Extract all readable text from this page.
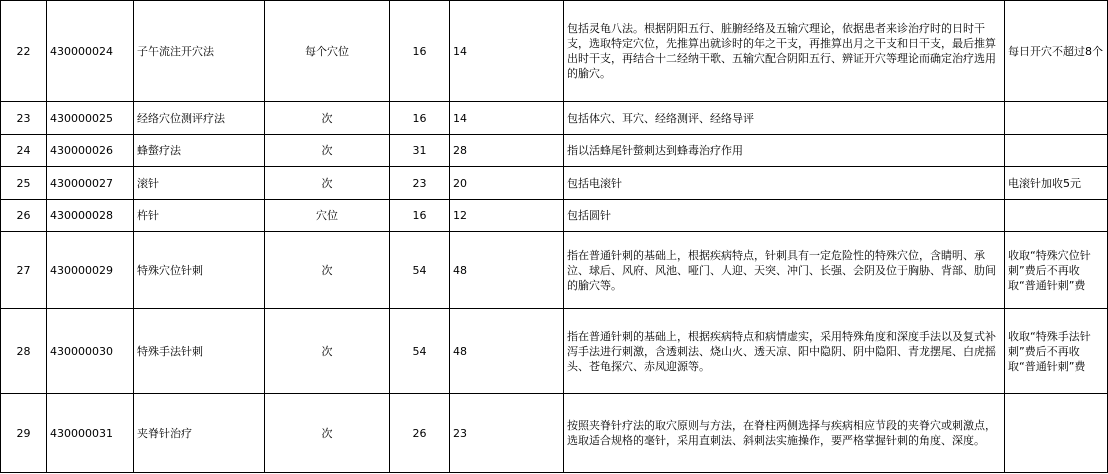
22	430000024	子午流注开穴法	每个穴位	16	14	包括灵龟八法。根据阴阳五行、脏腑经络及五输穴理论，依据患者来诊治疗时的日时干支，选取特定穴位，先推算出就诊时的年之干支，再推算出月之干支和日干支，最后推算出时干支，再结合十二经纳干歌、五输穴配合阴阳五行、辨证开穴等理论而确定治疗选用的腧穴。	每日开穴不超过8个
23	430000025	经络穴位测评疗法	次	16	14	包括体穴、耳穴、经络测评、经络导评	
24	430000026	蜂螫疗法	次	31	28	指以活蜂尾针螫刺达到蜂毒治疗作用	
25	430000027	滚针	次	23	20	包括电滚针	电滚针加收5元
26	430000028	杵针	穴位	16	12	包括圆针	
27	430000029	特殊穴位针刺	次	54	48	指在普通针刺的基础上，根据疾病特点，针刺具有一定危险性的特殊穴位，含睛明、承泣、球后、风府、风池、哑门、人迎、天突、冲门、长强、会阴及位于胸胁、背部、肋间的腧穴等。	收取“特殊穴位针刺”费后不再收取“普通针刺”费
28	430000030	特殊手法针刺	次	54	48	指在普通针刺的基础上，根据疾病特点和病情虚实，采用特殊角度和深度手法以及复式补泻手法进行刺激，含透刺法、烧山火、透天凉、阳中隐阴、阴中隐阳、青龙摆尾、白虎摇头、苍龟探穴、赤凤迎源等。	收取“特殊手法针刺”费后不再收取“普通针刺”费
29	430000031	夹脊针治疗	次	26	23	按照夹脊针疗法的取穴原则与方法，在脊柱两侧选择与疾病相应节段的夹脊穴或刺激点，选取适合规格的毫针，采用直刺法、斜刺法实施操作，要严格掌握针刺的角度、深度。	
